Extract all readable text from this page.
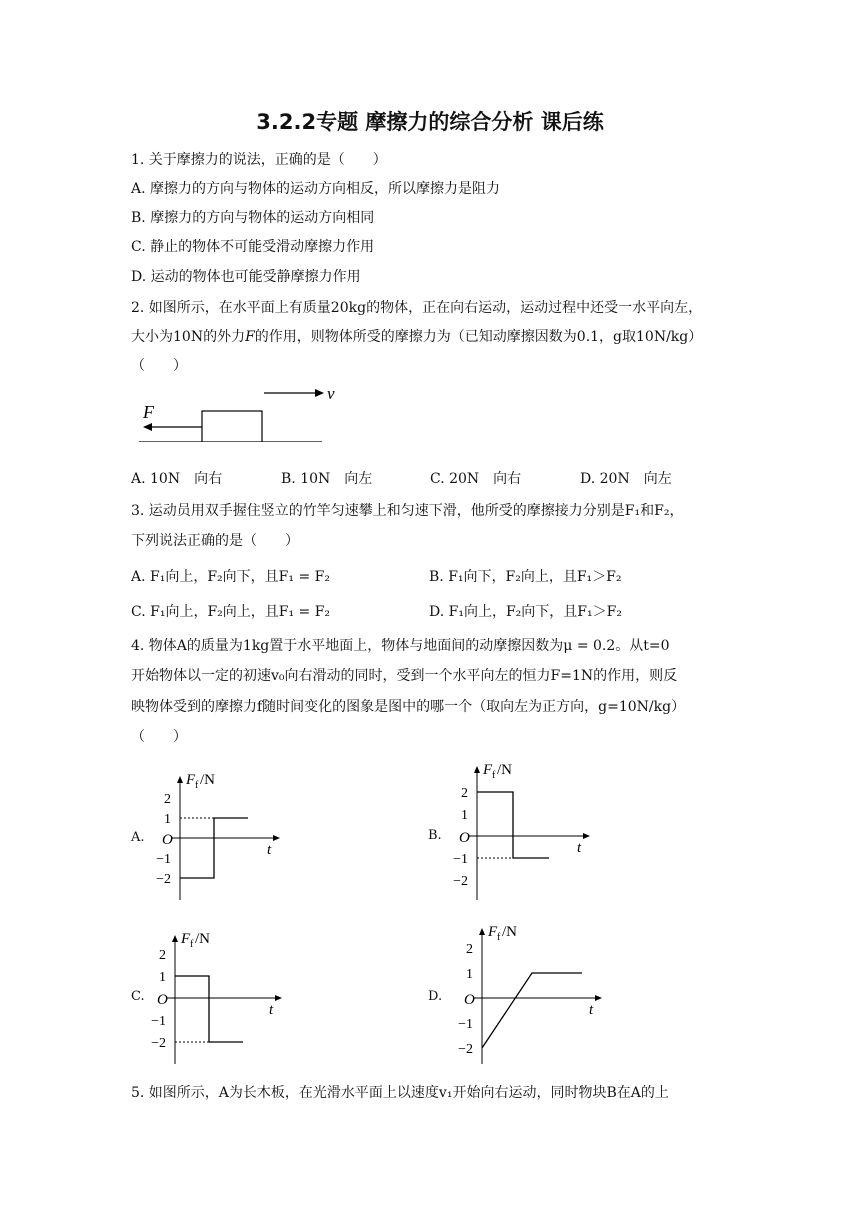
3.2.2专题 摩擦力的综合分析 课后练
1. 关于摩擦力的说法，正确的是（　　）
A. 摩擦力的方向与物体的运动方向相反，所以摩擦力是阻力
B. 摩擦力的方向与物体的运动方向相同
C. 静止的物体不可能受滑动摩擦力作用
D. 运动的物体也可能受静摩擦力作用
2. 如图所示，在水平面上有质量20kg的物体，正在向右运动，运动过程中还受一水平向左，
大小为10N的外力F的作用，则物体所受的摩擦力为（已知动摩擦因数为0.1，g取10N/kg）
（　　）
v
F
A. 10N　向右	B. 10N　向左	C. 20N　向右	D. 20N　向左
3. 运动员用双手握住竖立的竹竿匀速攀上和匀速下滑，他所受的摩擦接力分别是F₁和F₂，
下列说法正确的是（　　）
A. F₁向上，F₂向下，且F₁ = F₂	B. F₁向下，F₂向上，且F₁＞F₂
C. F₁向上，F₂向上，且F₁ = F₂	D. F₁向上，F₂向下，且F₁＞F₂
4. 物体A的质量为1kg置于水平地面上，物体与地面间的动摩擦因数为μ = 0.2。从t=0
开始物体以一定的初速v₀向右滑动的同时，受到一个水平向左的恒力F=1N的作用，则反
映物体受到的摩擦力f随时间变化的图象是图中的哪一个（取向左为正方向，g=10N/kg）
（　　）
A.	B.
C.	D.
F f /N
t
O
2
1
−1
−2
F f /N
t
O
2
1
−1
−2
F f /N
t
O
2
1
−1
−2
F f /N
t
O
2
1
−1
−2
5. 如图所示，A为长木板，在光滑水平面上以速度v₁开始向右运动，同时物块B在A的上
